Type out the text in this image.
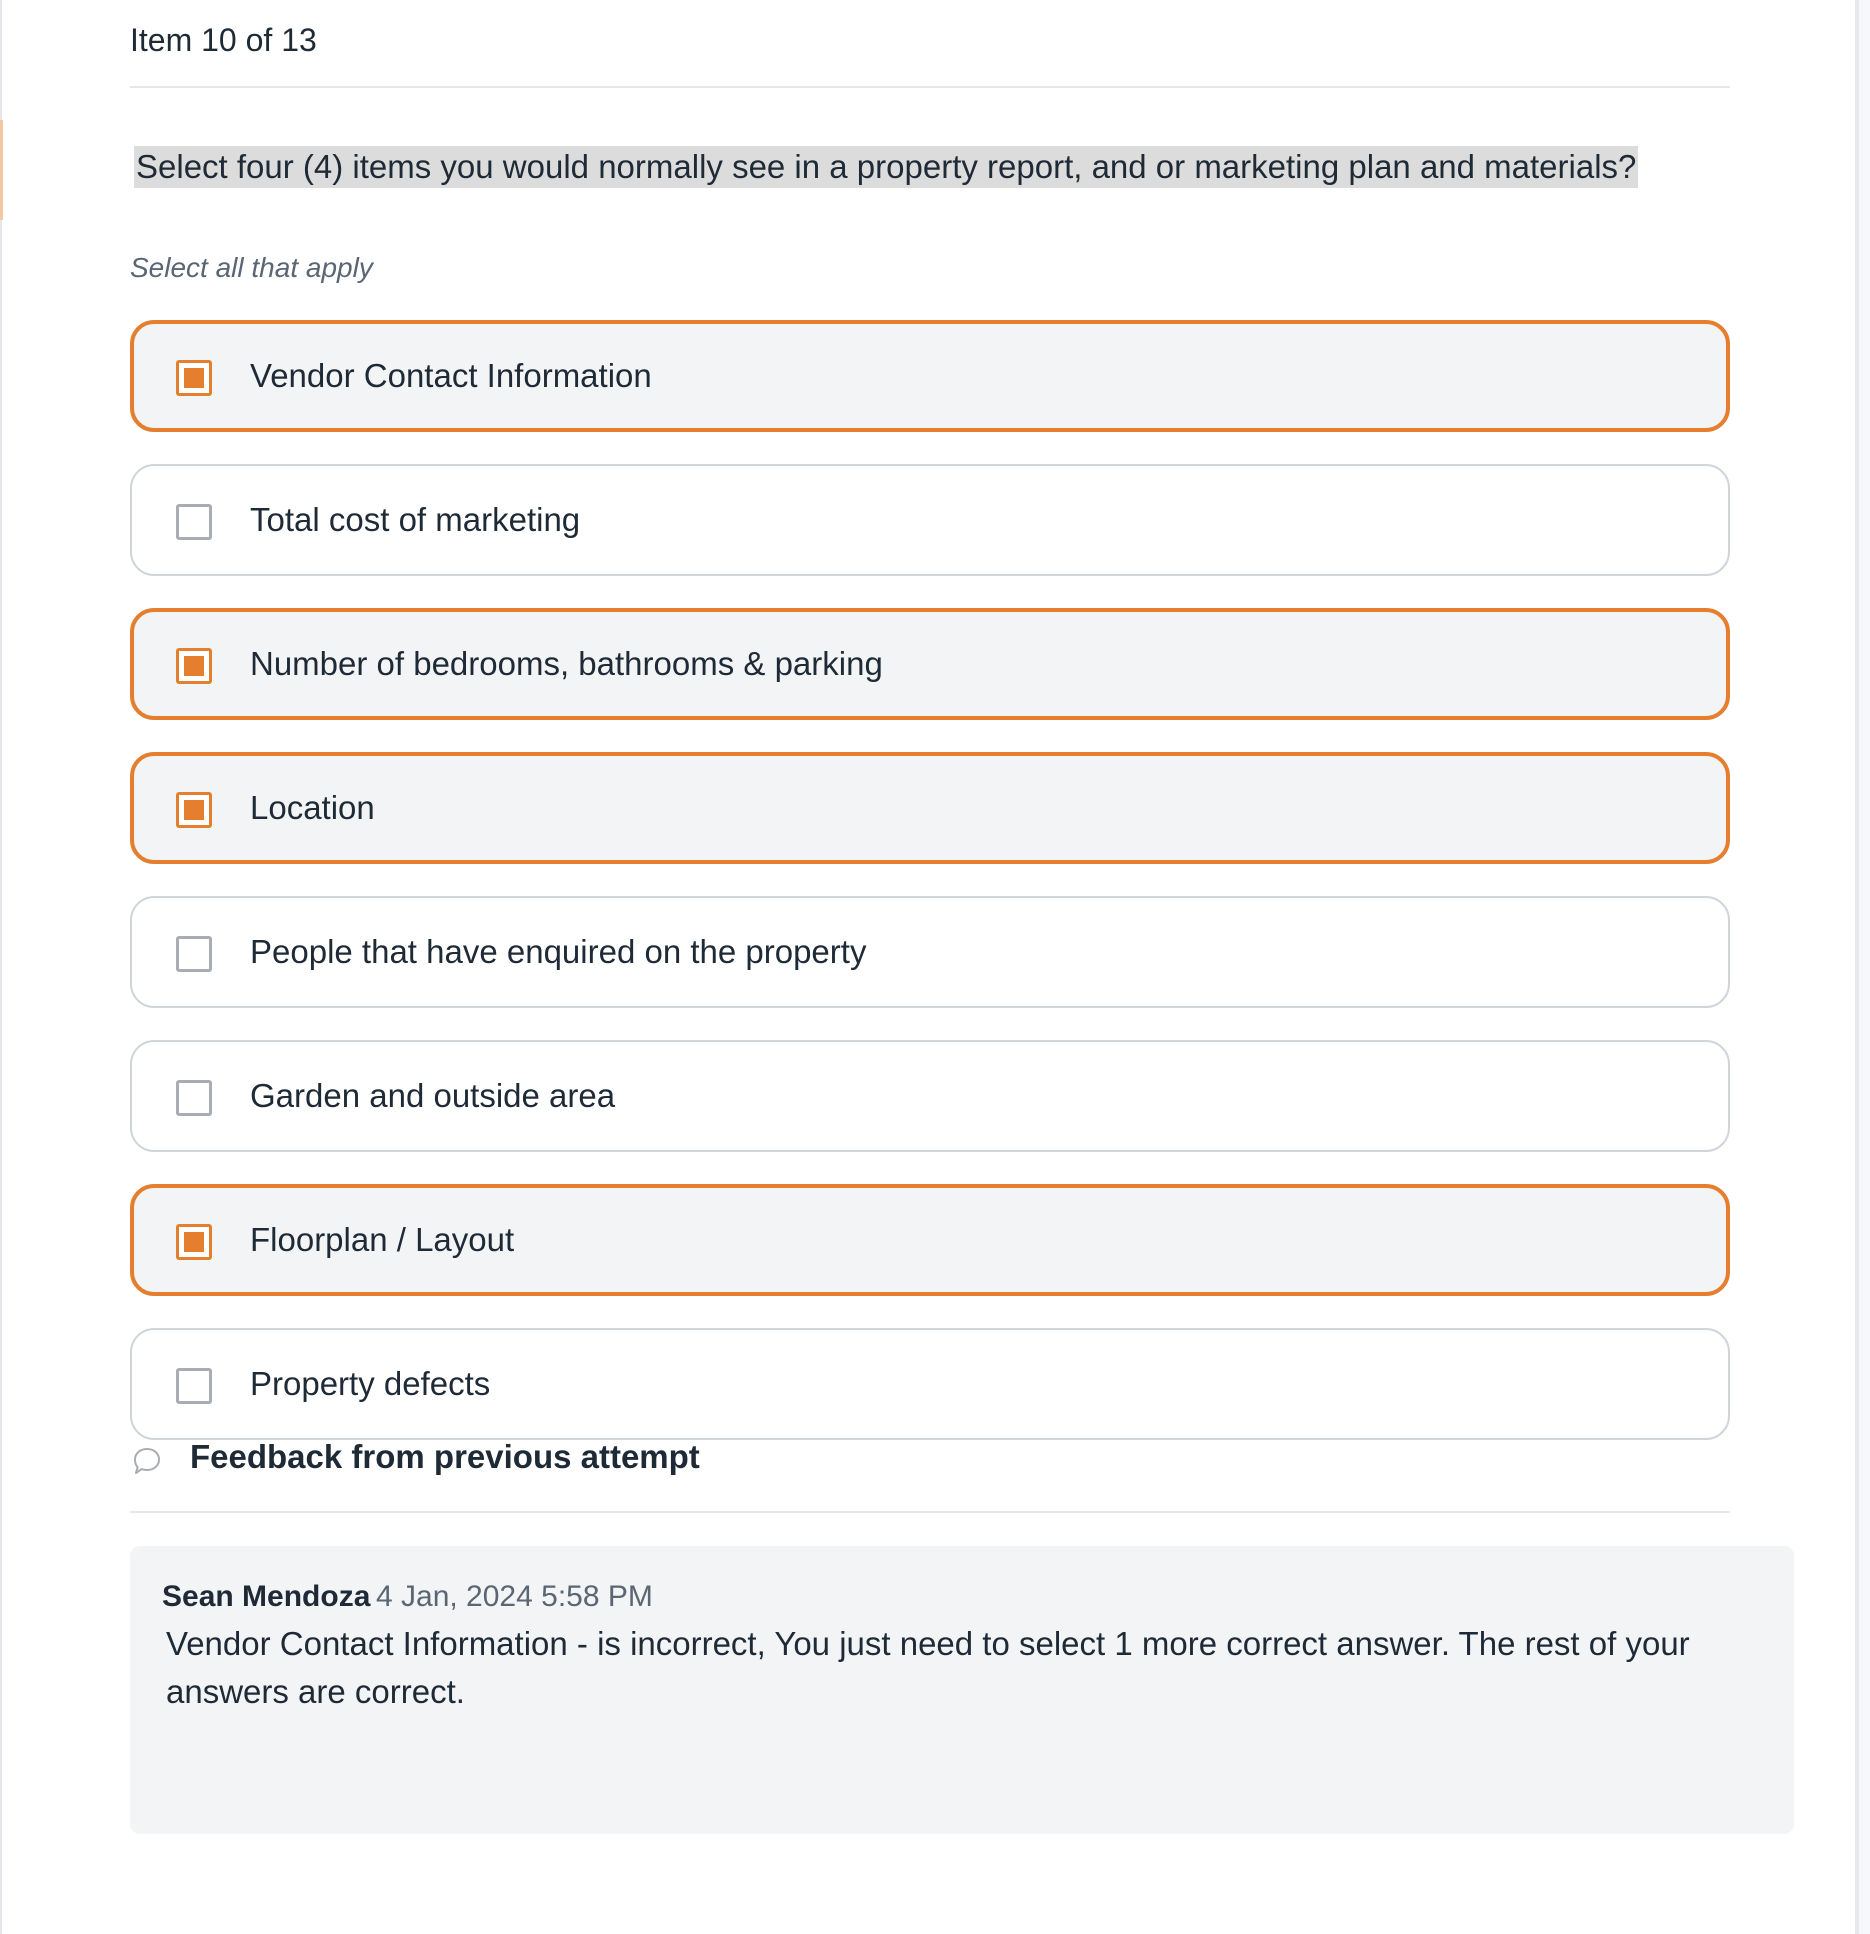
Item 10 of 13
Select four (4) items you would normally see in a property report, and or marketing plan and materials?
Select all that apply
Vendor Contact Information
Total cost of marketing
Number of bedrooms, bathrooms & parking
Location
People that have enquired on the property
Garden and outside area
Floorplan / Layout
Property defects
Feedback from previous attempt
Sean Mendoza 4 Jan, 2024 5:58 PM
Vendor Contact Information - is incorrect, You just need to select 1 more correct answer. The rest of your answers are correct.
